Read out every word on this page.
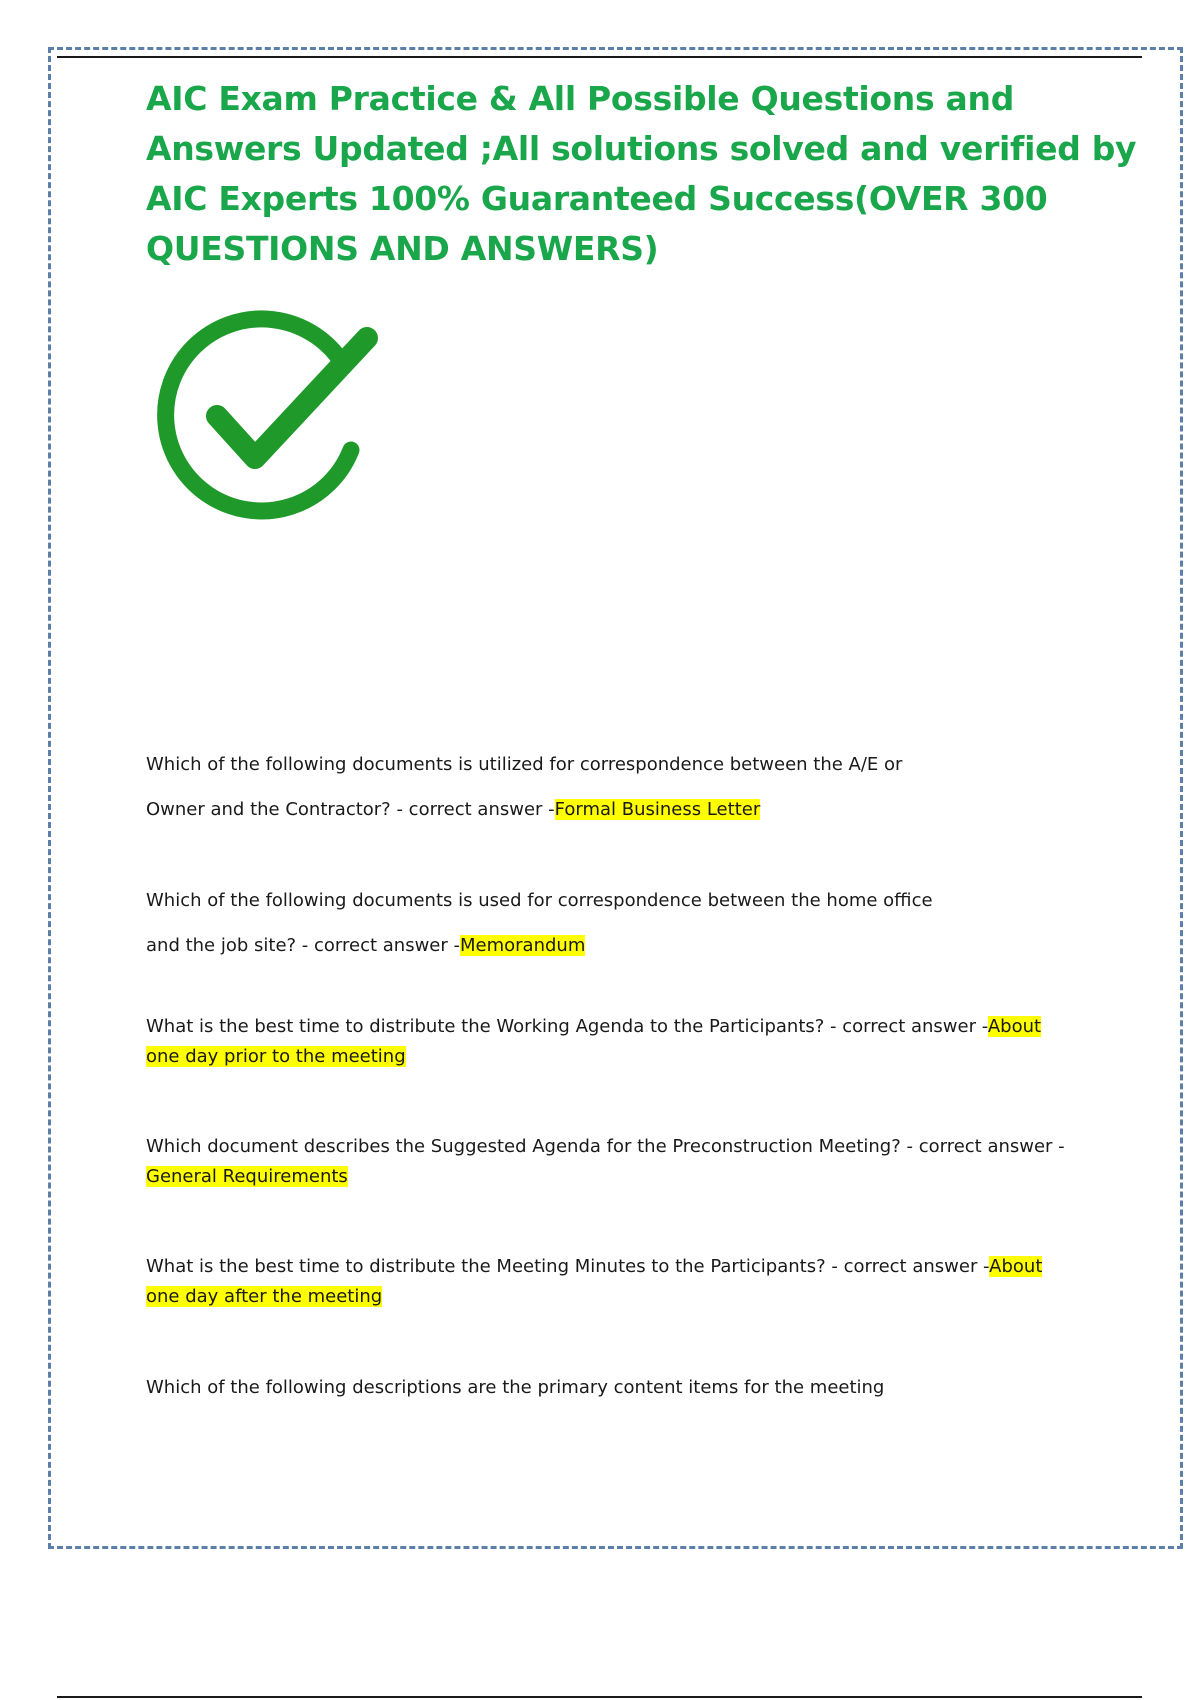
AIC Exam Practice & All Possible Questions and Answers Updated ;All solutions solved and verified by AIC Experts 100% Guaranteed Success(OVER 300 QUESTIONS AND ANSWERS)
Which of the following documents is utilized for correspondence between the A/E or
Owner and the Contractor? - correct answer -Formal Business Letter
Which of the following documents is used for correspondence between the home office
and the job site? - correct answer -Memorandum
What is the best time to distribute the Working Agenda to the Participants? - correct answer -About
one day prior to the meeting
Which document describes the Suggested Agenda for the Preconstruction Meeting? - correct answer -
General Requirements
What is the best time to distribute the Meeting Minutes to the Participants? - correct answer -About
one day after the meeting
Which of the following descriptions are the primary content items for the meeting
